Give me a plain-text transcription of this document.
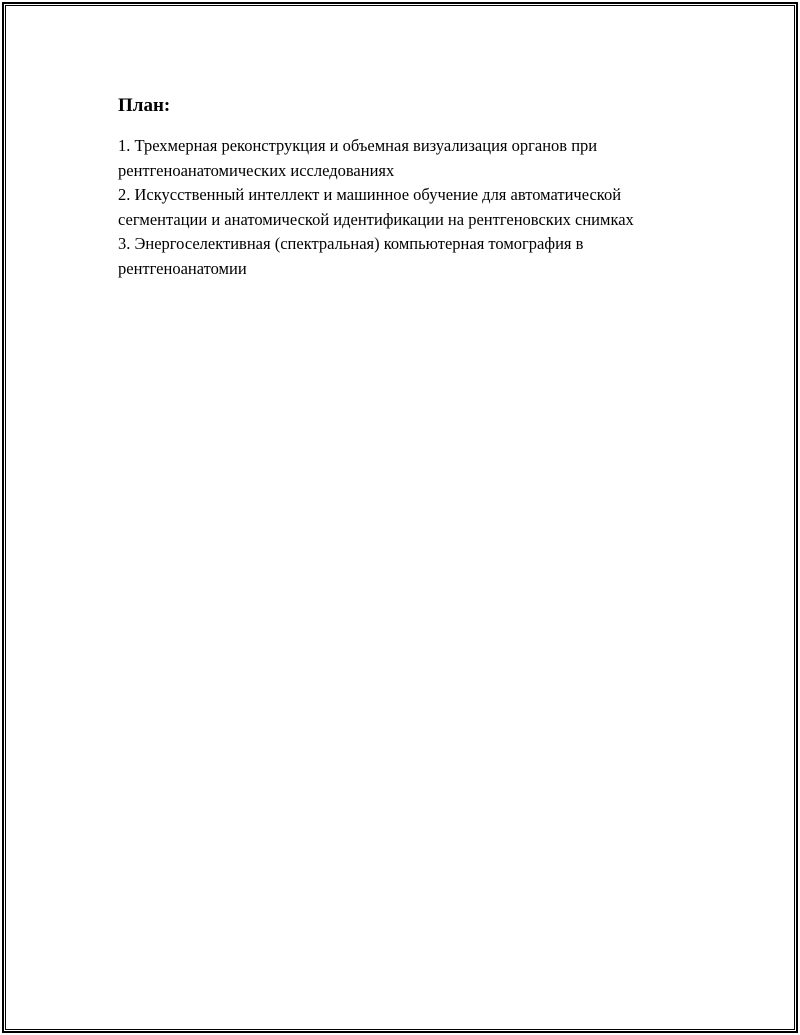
План:
1. Трехмерная реконструкция и объемная визуализация органов при рентгеноанатомических исследованиях
2. Искусственный интеллект и машинное обучение для автоматической сегментации и анатомической идентификации на рентгеновских снимках
3. Энергоселективная (спектральная) компьютерная томография в рентгеноанатомии
